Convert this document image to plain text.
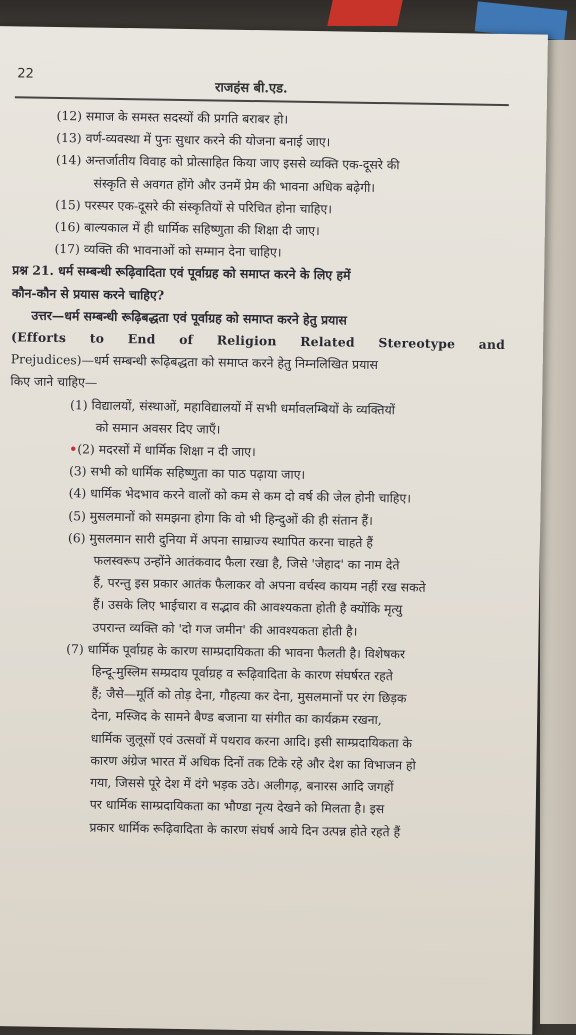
22
राजहंस बी.एड.
(12) समाज के समस्त सदस्यों की प्रगति बराबर हो।
(13) वर्ण-व्यवस्था में पुनः सुधार करने की योजना बनाई जाए।
(14) अन्तर्जातीय विवाह को प्रोत्साहित किया जाए इससे व्यक्ति एक-दूसरे की
संस्कृति से अवगत होंगे और उनमें प्रेम की भावना अधिक बढ़ेगी।
(15) परस्पर एक-दूसरे की संस्कृतियों से परिचित होना चाहिए।
(16) बाल्यकाल में ही धार्मिक सहिष्णुता की शिक्षा दी जाए।
(17) व्यक्ति की भावनाओं को सम्मान देना चाहिए।
प्रश्न 21. धर्म सम्बन्धी रूढ़िवादिता एवं पूर्वाग्रह को समाप्त करने के लिए हमें
कौन-कौन से प्रयास करने चाहिए?
उत्तर—धर्म सम्बन्धी रूढ़िबद्धता एवं पूर्वाग्रह को समाप्त करने हेतु प्रयास
(Efforts to End of Religion Related Stereotype and
Prejudices)—धर्म सम्बन्धी रूढ़िबद्धता को समाप्त करने हेतु निम्नलिखित प्रयास
किए जाने चाहिए—
(1) विद्यालयों, संस्थाओं, महाविद्यालयों में सभी धर्मावलम्बियों के व्यक्तियों
को समान अवसर दिए जाएँ।
•(2) मदरसों में धार्मिक शिक्षा न दी जाए।
(3) सभी को धार्मिक सहिष्णुता का पाठ पढ़ाया जाए।
(4) धार्मिक भेदभाव करने वालों को कम से कम दो वर्ष की जेल होनी चाहिए।
(5) मुसलमानों को समझना होगा कि वो भी हिन्दुओं की ही संतान हैं।
(6) मुसलमान सारी दुनिया में अपना साम्राज्य स्थापित करना चाहते हैं
फलस्वरूप उन्होंने आतंकवाद फैला रखा है, जिसे 'जेहाद' का नाम देते
हैं, परन्तु इस प्रकार आतंक फैलाकर वो अपना वर्चस्व कायम नहीं रख सकते
हैं। उसके लिए भाईचारा व सद्भाव की आवश्यकता होती है क्योंकि मृत्यु
उपरान्त व्यक्ति को 'दो गज जमीन' की आवश्यकता होती है।
(7) धार्मिक पूर्वाग्रह के कारण साम्प्रदायिकता की भावना फैलती है। विशेषकर
हिन्दू-मुस्लिम सम्प्रदाय पूर्वाग्रह व रूढ़िवादिता के कारण संघर्षरत रहते
हैं; जैसे—मूर्ति को तोड़ देना, गौहत्या कर देना, मुसलमानों पर रंग छिड़क
देना, मस्जिद के सामने बैण्ड बजाना या संगीत का कार्यक्रम रखना,
धार्मिक जुलूसों एवं उत्सवों में पथराव करना आदि। इसी साम्प्रदायिकता के
कारण अंग्रेज भारत में अधिक दिनों तक टिके रहे और देश का विभाजन हो
गया, जिससे पूरे देश में दंगे भड़क उठे। अलीगढ़, बनारस आदि जगहों
पर धार्मिक साम्प्रदायिकता का भौण्डा नृत्य देखने को मिलता है। इस
प्रकार धार्मिक रूढ़िवादिता के कारण संघर्ष आये दिन उत्पन्न होते रहते हैं
